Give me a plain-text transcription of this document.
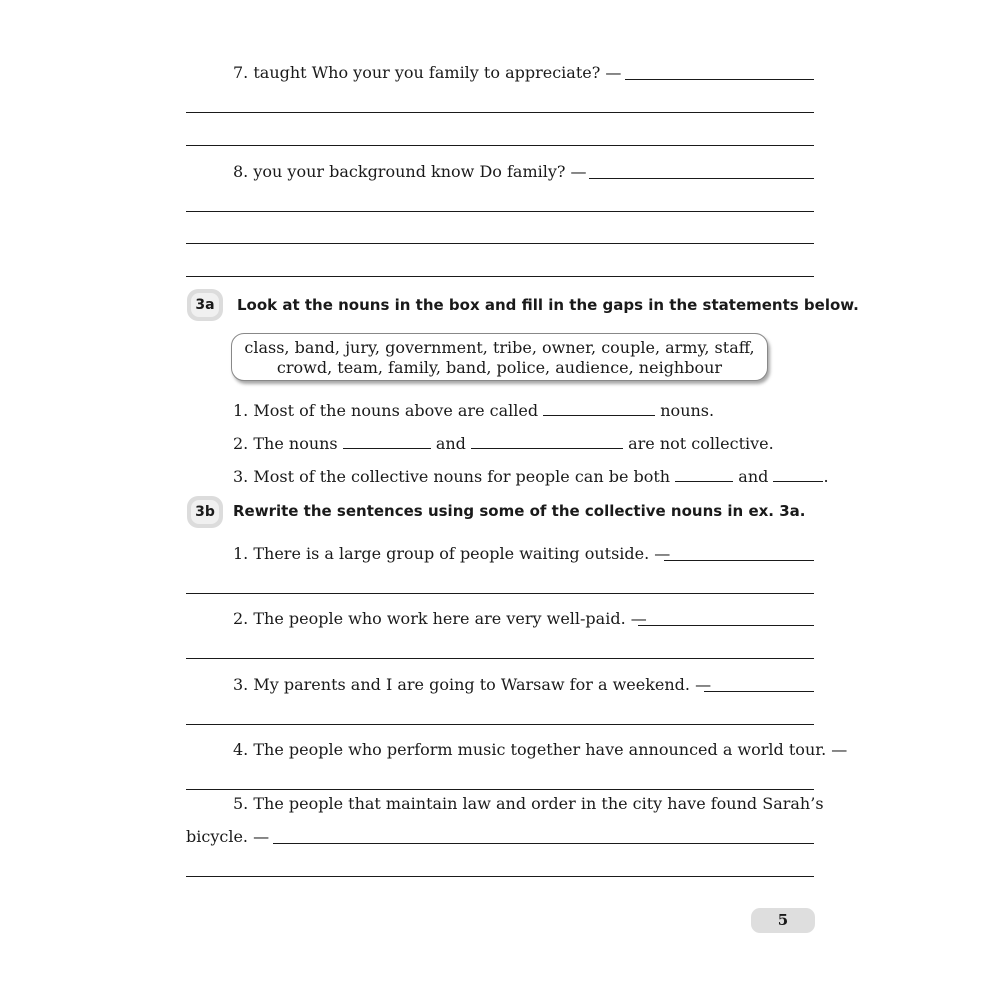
7. taught Who your you family to appreciate? —
8. you your background know Do family? —
3a Look at the nouns in the box and fill in the gaps in the statements below.
class, band, jury, government, tribe, owner, couple, army, staff,
crowd, team, family, band, police, audience, neighbour
1. Most of the nouns above are called	nouns.
2. The nouns	and	are not collective.
3. Most of the collective nouns for people can be both	and	.
3b Rewrite the sentences using some of the collective nouns in ex. 3a.
1. There is a large group of people waiting outside. —
2. The people who work here are very well-paid. —
3. My parents and I are going to Warsaw for a weekend. —
4. The people who perform music together have announced a world tour. —
5. The people that maintain law and order in the city have found Sarah’s
bicycle. —
5
